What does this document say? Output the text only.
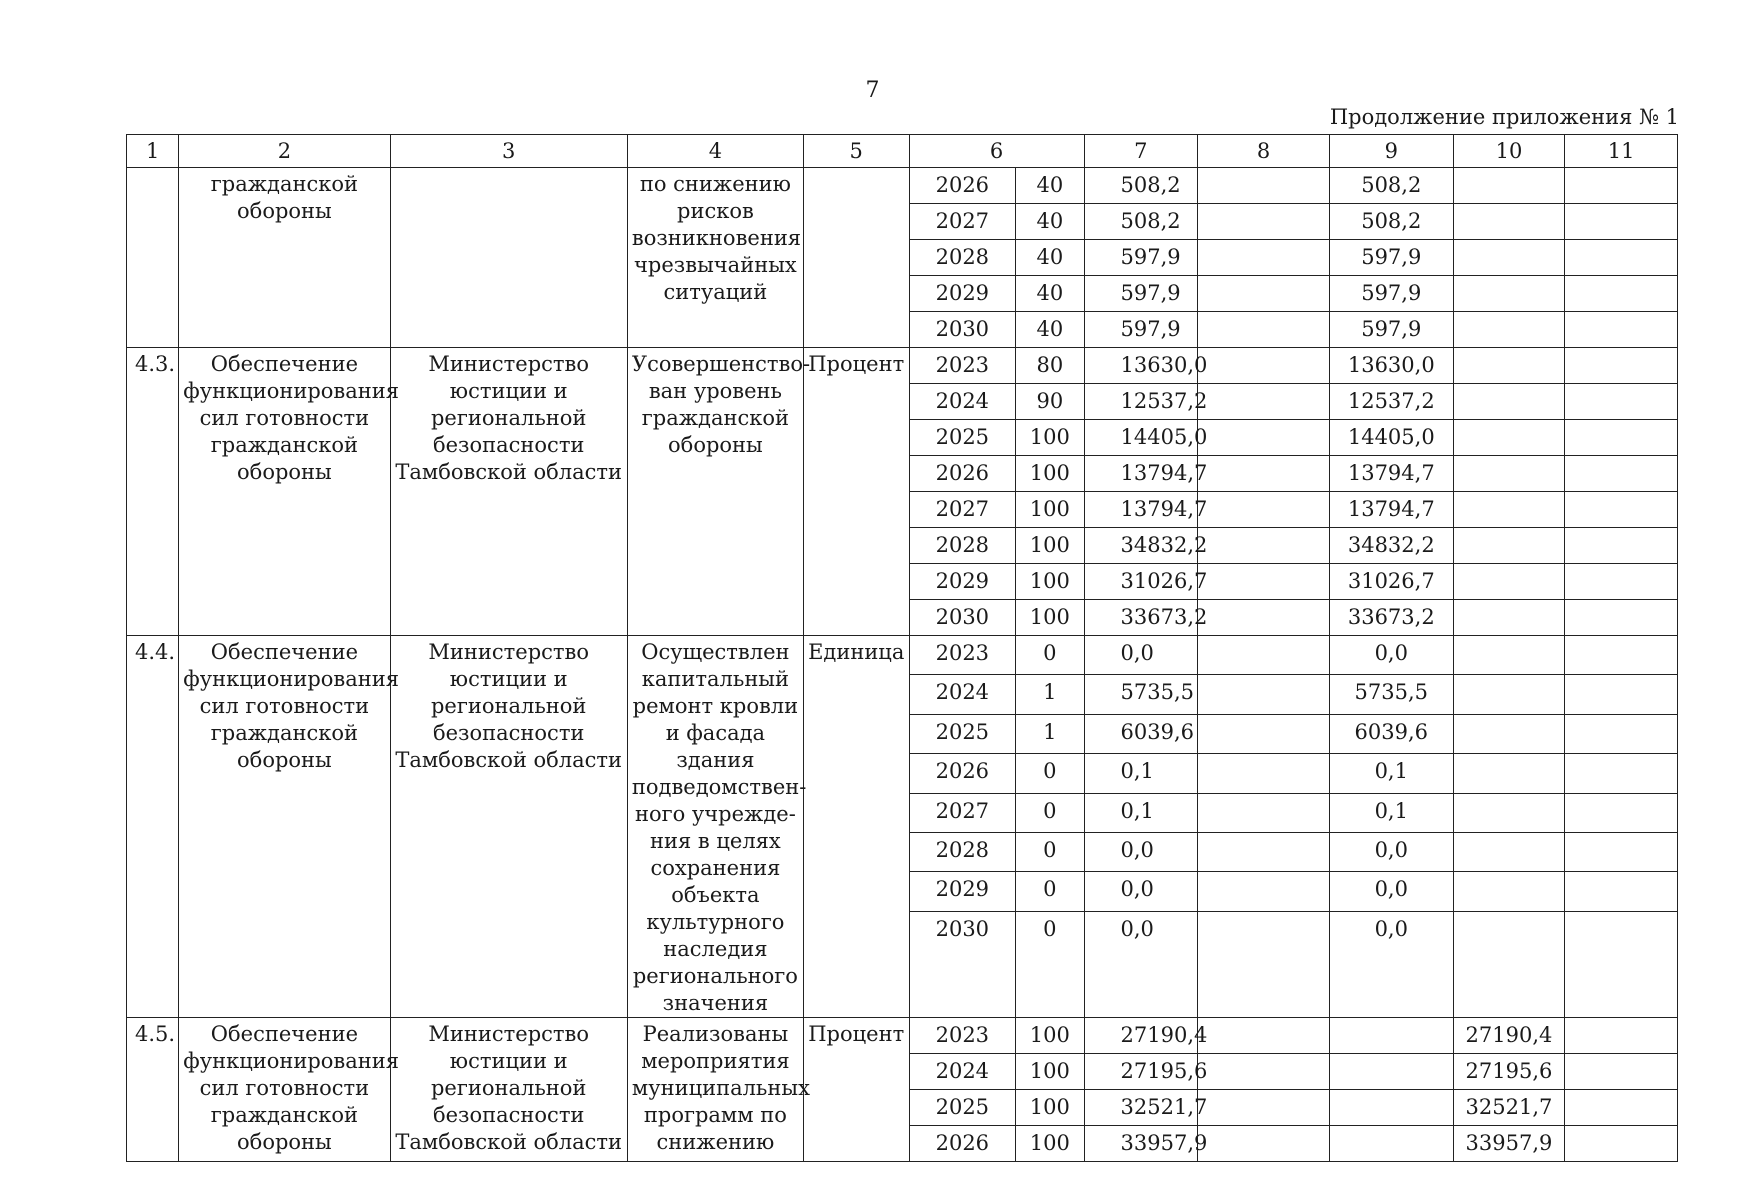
7
Продолжение приложения № 1
1	2	3	4	5	6		7	8	9	10	11
	гражданской обороны		по снижению рисков возникновения чрезвычайных ситуаций		2026	40	508,2		508,2		
					2027	40	508,2		508,2		
					2028	40	597,9		597,9		
					2029	40	597,9		597,9		
					2030	40	597,9		597,9		
4.3.	Обеспечение функционирования сил готовности гражданской обороны	Министерство юстиции и региональной безопасности Тамбовской области	Усовершенство-ван уровень гражданской обороны	Процент	2023	80	13630,0		13630,0		
					2024	90	12537,2		12537,2		
					2025	100	14405,0		14405,0		
					2026	100	13794,7		13794,7		
					2027	100	13794,7		13794,7		
					2028	100	34832,2		34832,2		
					2029	100	31026,7		31026,7		
					2030	100	33673,2		33673,2		
4.4.	Обеспечение функционирования сил готовности гражданской обороны	Министерство юстиции и региональной безопасности Тамбовской области	Осуществлен капитальный ремонт кровли и фасада здания подведомствен-ного учрежде-ния в целях сохранения объекта культурного наследия регионального значения	Единица	2023	0	0,0		0,0		
					2024	1	5735,5		5735,5		
					2025	1	6039,6		6039,6		
					2026	0	0,1		0,1		
					2027	0	0,1		0,1		
					2028	0	0,0		0,0		
					2029	0	0,0		0,0		
					2030	0	0,0		0,0		
4.5.	Обеспечение функционирования сил готовности гражданской обороны	Министерство юстиции и региональной безопасности Тамбовской области	Реализованы мероприятия муниципальных программ по снижению	Процент	2023	100	27190,4			27190,4	
					2024	100	27195,6			27195,6	
					2025	100	32521,7			32521,7	
					2026	100	33957,9			33957,9	
